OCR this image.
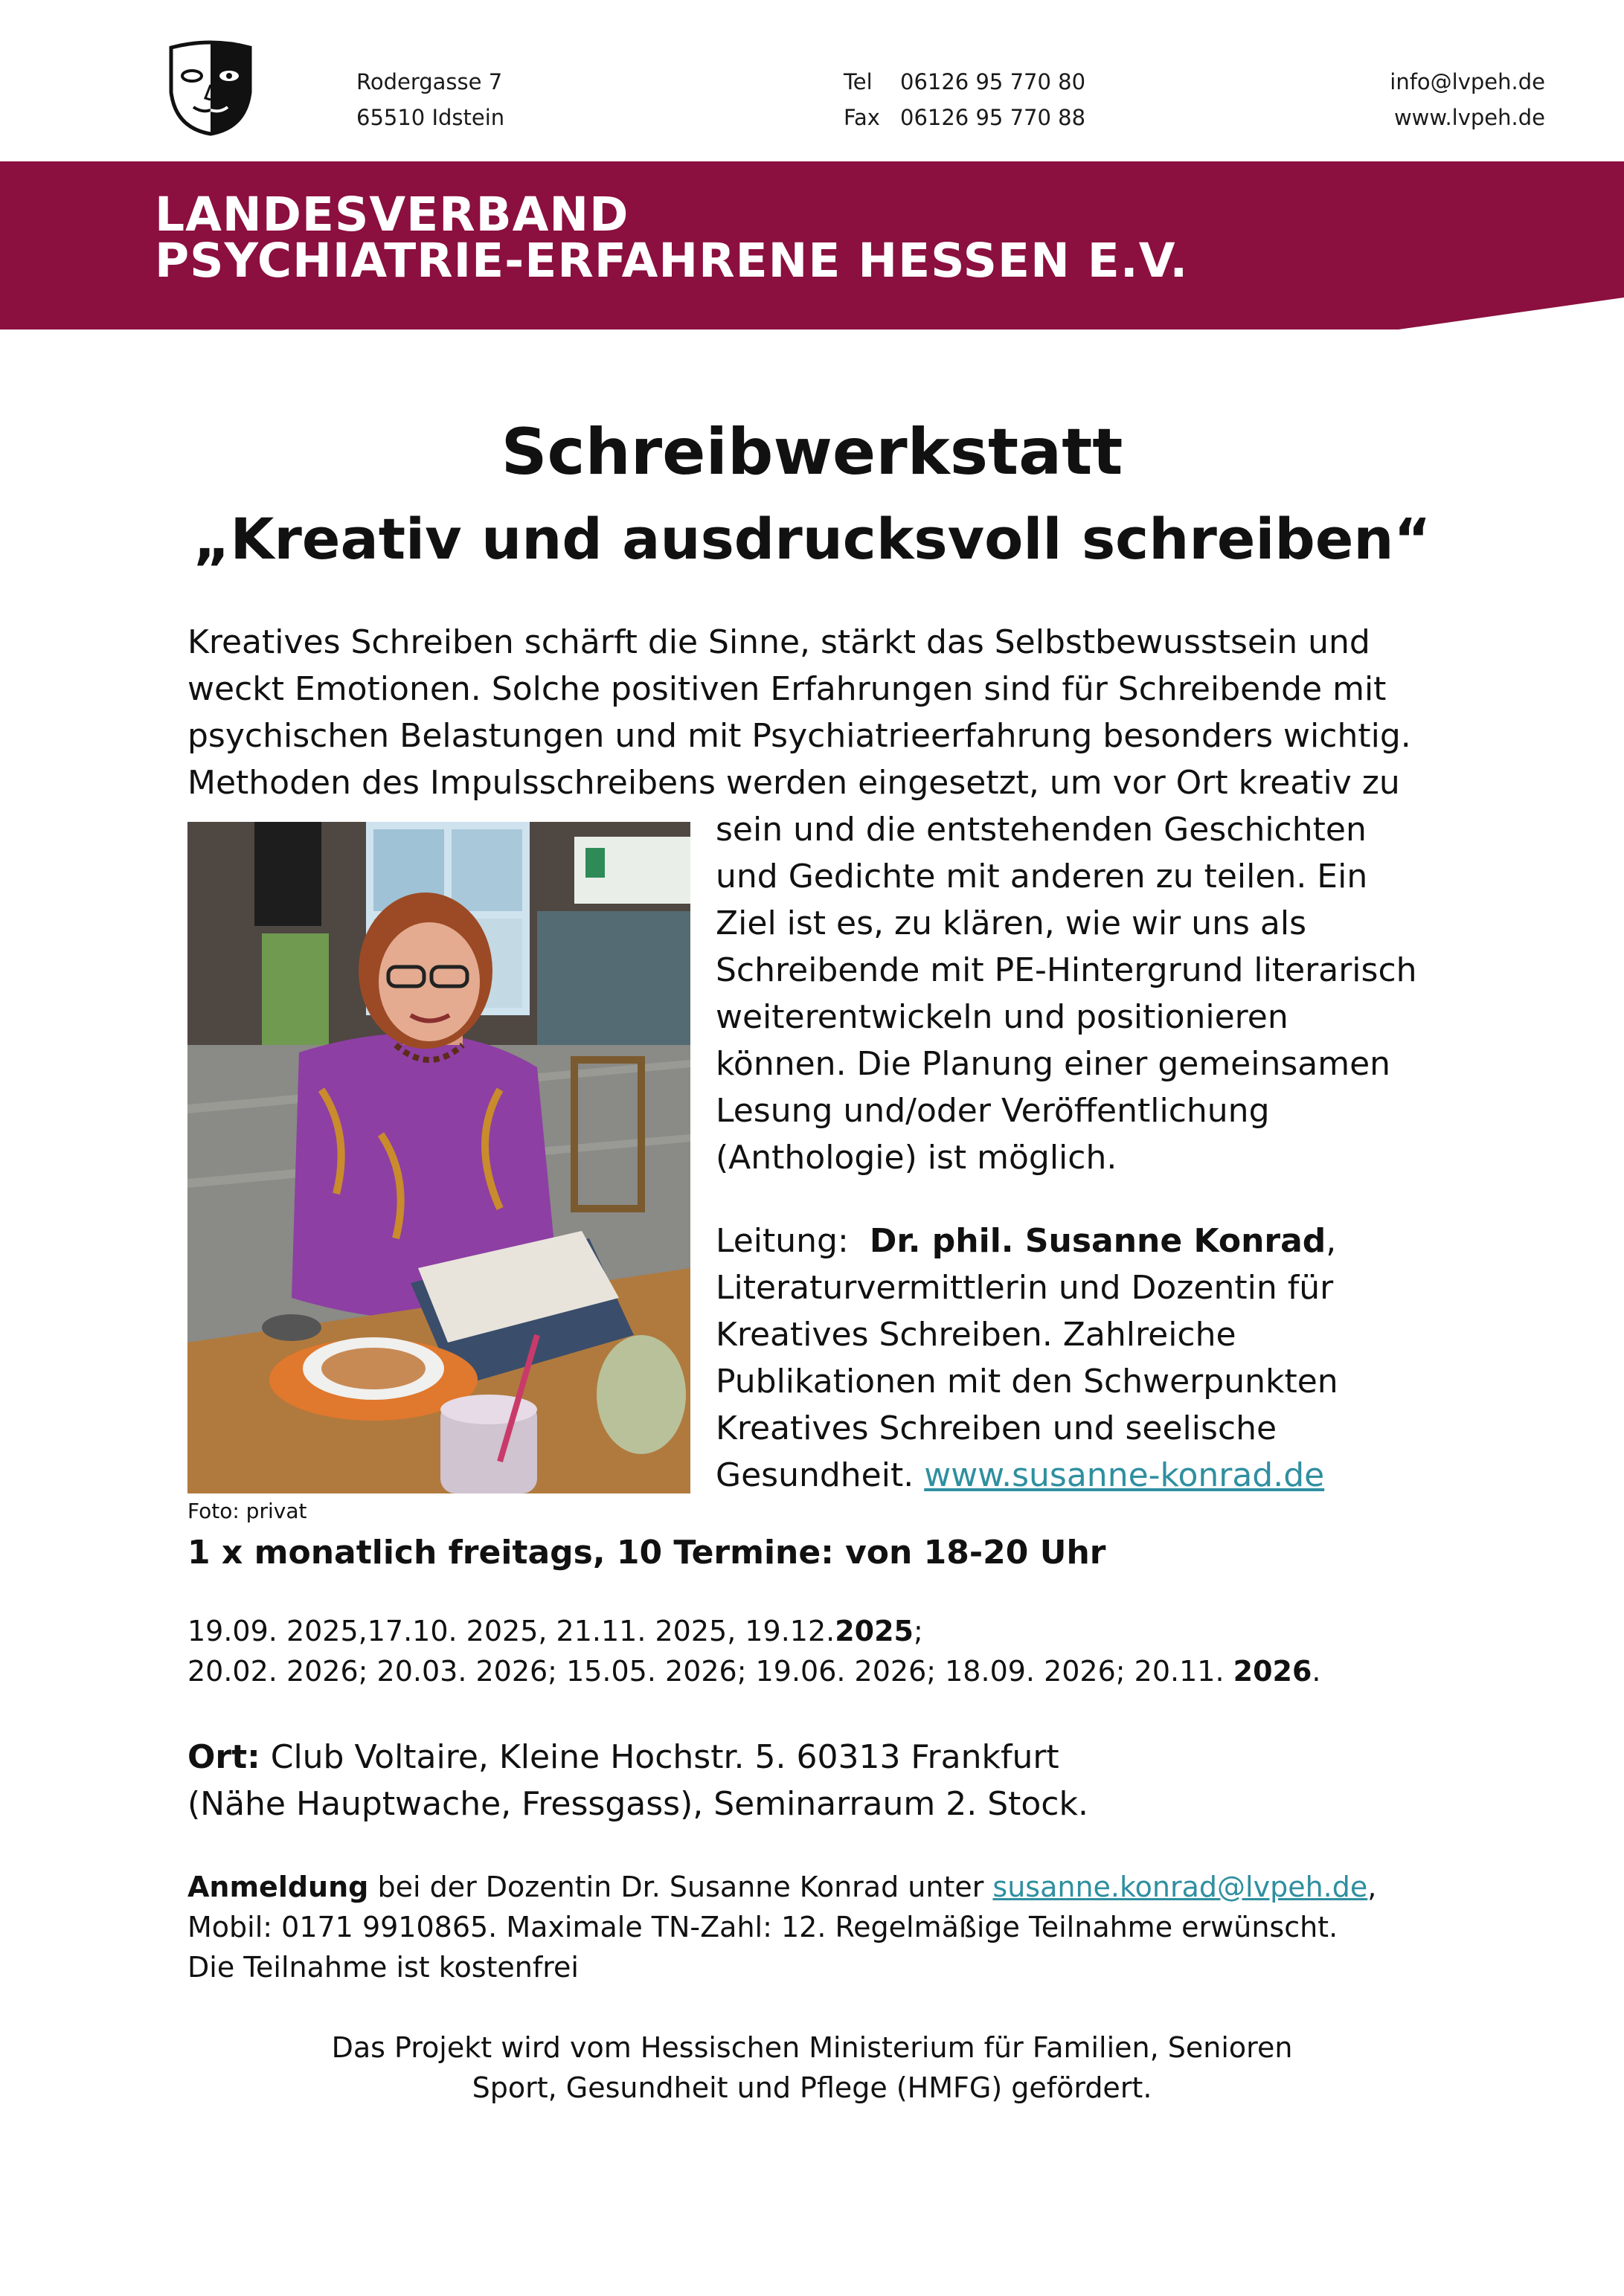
Rodergasse 7
65510 Idstein
Tel 06126 95 770 80
Fax 06126 95 770 88
info@lvpeh.de
www.lvpeh.de
LANDESVERBAND
PSYCHIATRIE-ERFAHRENE HESSEN E.V.
Schreibwerkstatt
„Kreativ und ausdrucksvoll schreiben“
Kreatives Schreiben schärft die Sinne, stärkt das Selbstbewusstsein und
weckt Emotionen. Solche positiven Erfahrungen sind für Schreibende mit
psychischen Belastungen und mit Psychiatrieerfahrung besonders wichtig.
Methoden des Impulsschreibens werden eingesetzt, um vor Ort kreativ zu
sein und die entstehenden Geschichten
und Gedichte mit anderen zu teilen. Ein
Ziel ist es, zu klären, wie wir uns als
Schreibende mit PE-Hintergrund literarisch
weiterentwickeln und positionieren
können. Die Planung einer gemeinsamen
Lesung und/oder Veröffentlichung
(Anthologie) ist möglich.
Leitung: Dr. phil. Susanne Konrad,
Literaturvermittlerin und Dozentin für
Kreatives Schreiben. Zahlreiche
Publikationen mit den Schwerpunkten
Kreatives Schreiben und seelische
Gesundheit. www.susanne-konrad.de
Foto: privat
1 x monatlich freitags, 10 Termine: von 18-20 Uhr
19.09. 2025,17.10. 2025, 21.11. 2025, 19.12.2025;
20.02. 2026; 20.03. 2026; 15.05. 2026; 19.06. 2026; 18.09. 2026; 20.11. 2026.
Ort: Club Voltaire, Kleine Hochstr. 5. 60313 Frankfurt
(Nähe Hauptwache, Fressgass), Seminarraum 2. Stock.
Anmeldung bei der Dozentin Dr. Susanne Konrad unter susanne.konrad@lvpeh.de,
Mobil: 0171 9910865. Maximale TN-Zahl: 12. Regelmäßige Teilnahme erwünscht.
Die Teilnahme ist kostenfrei
Das Projekt wird vom Hessischen Ministerium für Familien, Senioren
Sport, Gesundheit und Pflege (HMFG) gefördert.
